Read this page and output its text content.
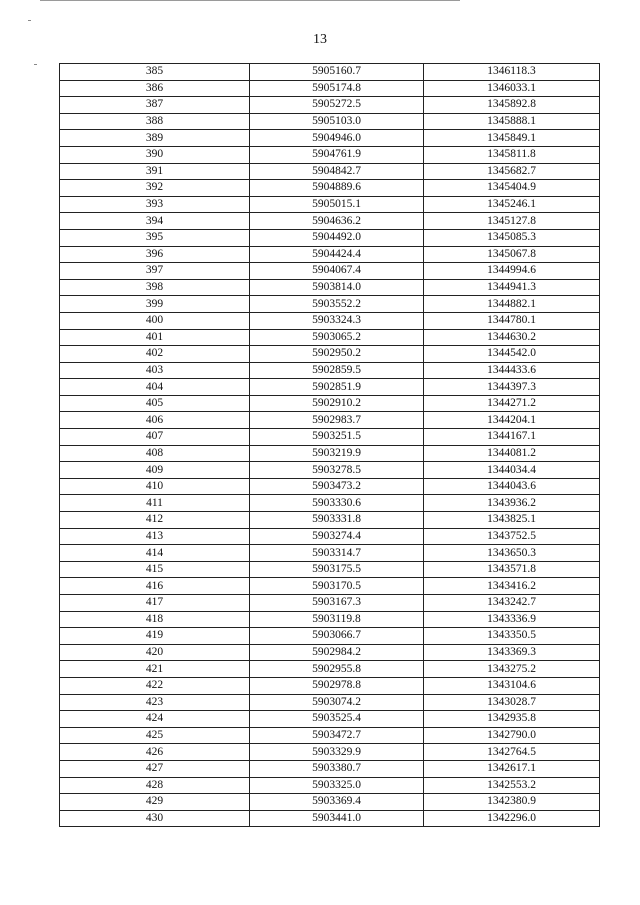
13
385	5905160.7	1346118.3
386	5905174.8	1346033.1
387	5905272.5	1345892.8
388	5905103.0	1345888.1
389	5904946.0	1345849.1
390	5904761.9	1345811.8
391	5904842.7	1345682.7
392	5904889.6	1345404.9
393	5905015.1	1345246.1
394	5904636.2	1345127.8
395	5904492.0	1345085.3
396	5904424.4	1345067.8
397	5904067.4	1344994.6
398	5903814.0	1344941.3
399	5903552.2	1344882.1
400	5903324.3	1344780.1
401	5903065.2	1344630.2
402	5902950.2	1344542.0
403	5902859.5	1344433.6
404	5902851.9	1344397.3
405	5902910.2	1344271.2
406	5902983.7	1344204.1
407	5903251.5	1344167.1
408	5903219.9	1344081.2
409	5903278.5	1344034.4
410	5903473.2	1344043.6
411	5903330.6	1343936.2
412	5903331.8	1343825.1
413	5903274.4	1343752.5
414	5903314.7	1343650.3
415	5903175.5	1343571.8
416	5903170.5	1343416.2
417	5903167.3	1343242.7
418	5903119.8	1343336.9
419	5903066.7	1343350.5
420	5902984.2	1343369.3
421	5902955.8	1343275.2
422	5902978.8	1343104.6
423	5903074.2	1343028.7
424	5903525.4	1342935.8
425	5903472.7	1342790.0
426	5903329.9	1342764.5
427	5903380.7	1342617.1
428	5903325.0	1342553.2
429	5903369.4	1342380.9
430	5903441.0	1342296.0
